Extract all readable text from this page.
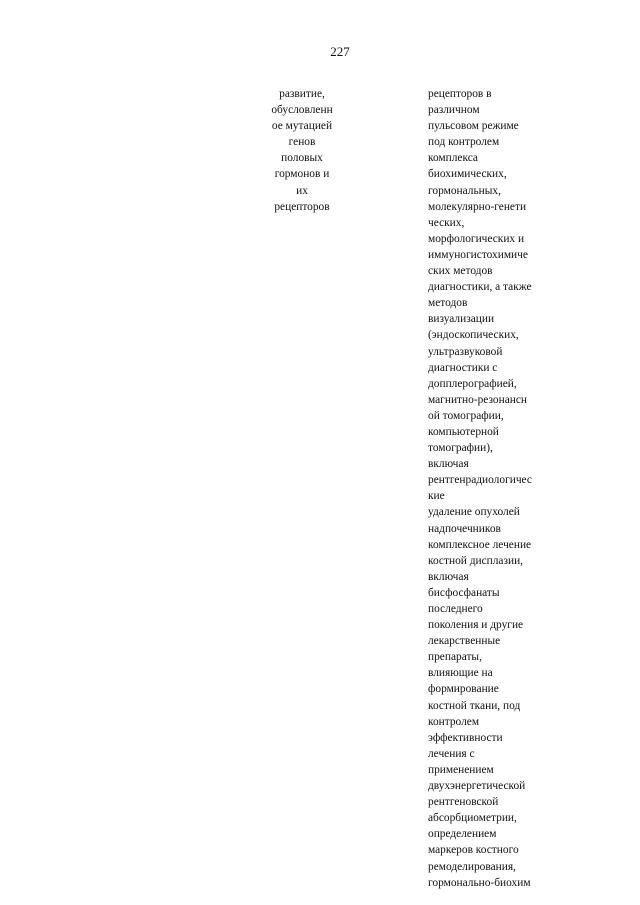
227
развитие,
обусловленн
ое мутацией
генов
половых
гормонов и
их
рецепторов
рецепторов в
различном
пульсовом режиме
под контролем
комплекса
биохимических,
гормональных,
молекулярно-генети
ческих,
морфологических и
иммуногистохимиче
ских методов
диагностики, а также
методов
визуализации
(эндоскопических,
ультразвуковой
диагностики с
допплерографией,
магнитно-резонансн
ой томографии,
компьютерной
томографии),
включая
рентгенрадиологичес
кие
удаление опухолей
надпочечников
комплексное лечение
костной дисплазии,
включая
бисфосфанаты
последнего
поколения и другие
лекарственные
препараты,
влияющие на
формирование
костной ткани, под
контролем
эффективности
лечения с
применением
двухэнергетической
рентгеновской
абсорбциометрии,
определением
маркеров костного
ремоделирования,
гормонально-биохим
